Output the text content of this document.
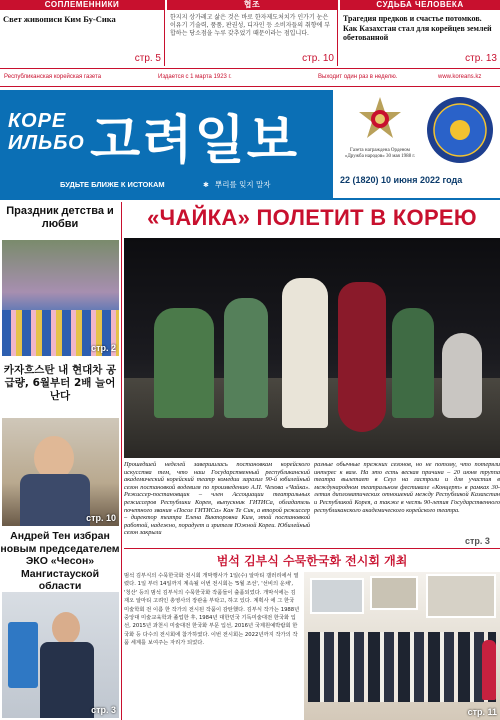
СОПЛЕМЕННИКИ
Свет живописи Ким Бу-Сика
стр. 5
협조
한지지 상가레고 삶은 것은 바로 한자제도처치가 인가기 눈은 이유기 기술력, 품품, 판권성, 디자인 등 소비자들의 취향에 부합하는 당소점을 누루 갖추었기 때문이라는 점입니다.
стр. 10
СУДЬБА ЧЕЛОВЕКА
Трагедия предков и счастье потомков. Как Казахстан стал для корейцев землей обетованной
стр. 13
Республиканская корейская газета	Издается с 1 марта 1923 г.	Выходит один раз в неделю.	www.koreans.kz
КОРЕ
ИЛЬБО 고려일보
БУДЬТЕ БЛИЖЕ К ИСТОКАМ	✱ 뿌리를 잊지 말자
Газета награждена Орденом «Дружба народов» 30 мая 1988 г.
22 (1820) 10 июня 2022 года
Праздник детства и любви
стр. 2
카자흐스탄 내 현대차 공급량, 6월부터 2배 늘어난다
стр. 10
Андрей Тен избран новым председателем ЭКО «Чесон» Мангистауской области
стр. 3
«ЧАЙКА» ПОЛЕТИТ В КОРЕЮ
Прошедшей неделей завершилась постановкам корейского искусства тем, что наш Государственный республиканский академический корейский театр комедии заразил 90-й юбилейный сезон постановкой водевиля по произведению А.П. Чехова «Чайка». Режиссер-постановщик – член Ассоциации театральных режиссеров Республики Корея, выпускник ГИТИСа, обладатель почетного звания «Посол ГИТИСа» Кан Те Сик, а второй режиссер – директор театра Елена Викторовна Ким, этой постановкой работой, надежно, порадует и зрителя Южной Кореи. Юбилейный сезон закрыли
разные обычные прежних сезонов, но не потому, что потеряли интерес к вам. На это есть веская причина – 20 июня труппа театра вылетает в Сеул на гастроли и для участия в международном театральном фестивале «Концерт» в рамках 30-летия дипломатических отношений между Республикой Казахстан и Республикой Корея, а также в честь 90-летия Государственного республиканского академического корейского театра.
стр. 3
범석 김부식 수묵한국화 전시회 개최
범석 김부식의 수묵한국화 전시회 개막행사가 1일(수) 알마티 갤러리에서 열렸다. 1일 부터 14일까지 계속될 이번 전시회는 '5월 조선', '선비의 운채', '청산' 등의 범석 김부식의 수묵한국화 작품들이 출품되었다. 개막식에는 김재오 알마티 고려인 총영사의 장관을 부탁고, 하고 있다. 계획사 에 그 한국 미술학회 전 이름 한 작가의 전시된 작품이 감탄했다. 김부식 작가는 1988년 중앙대 미술교육학과 졸업한 후, 1984년 대한민국 기독미술대전 한국화 입선, 2015년 과천시 미술대전 한국화 부문 입선, 2016년 국제원예박람회 한국화 등 다수의 전시회에 참가하였다. 이번 전시회는 2022년까지 작가의 작품 세계를 보여주는 자리가 되었다.
стр. 11
